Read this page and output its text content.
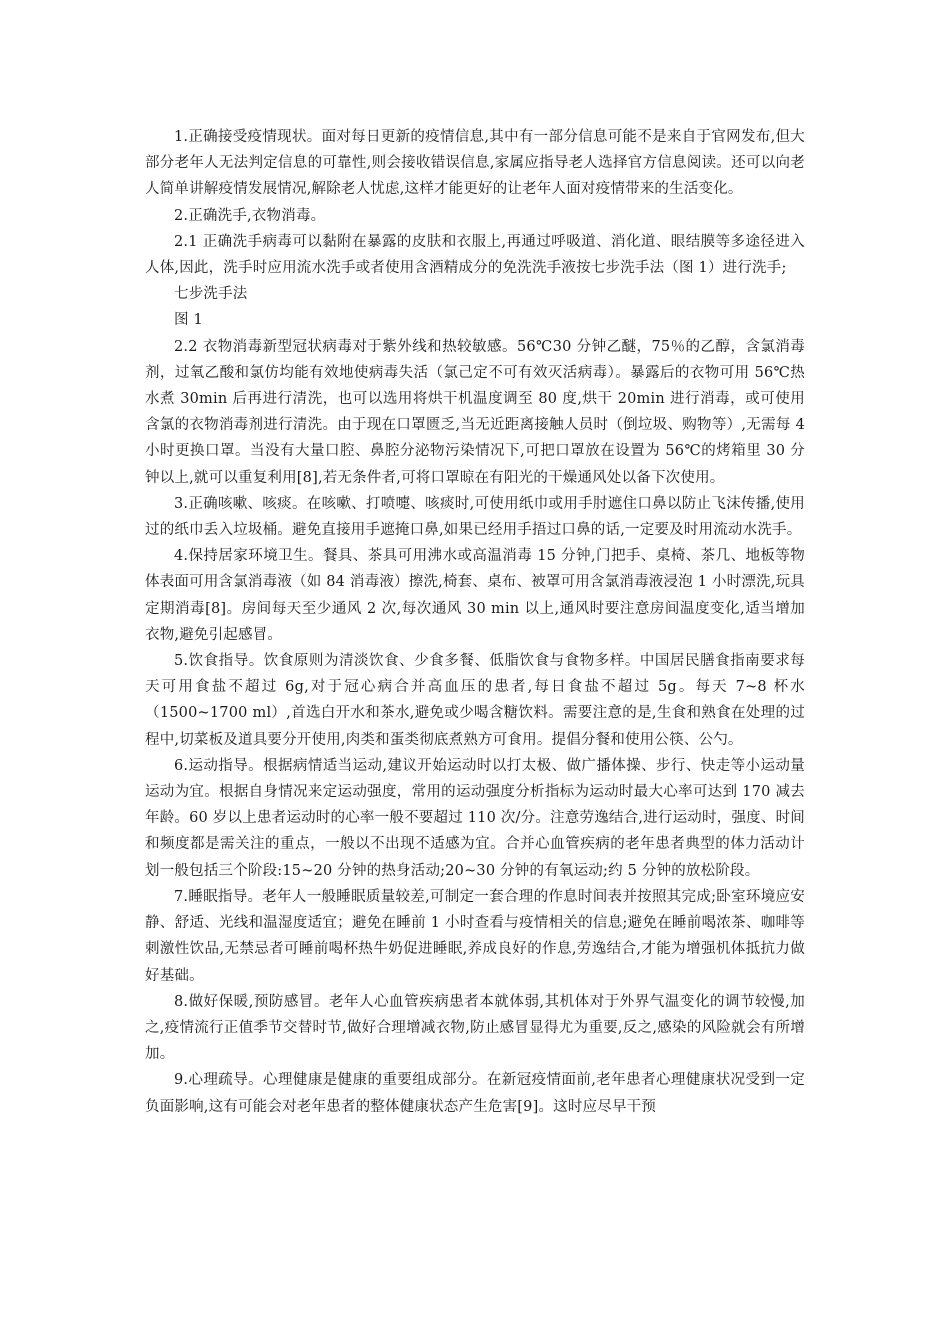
1.正确接受疫情现状。面对每日更新的疫情信息,其中有一部分信息可能不是来自于官网发布,但大部分老年人无法判定信息的可靠性,则会接收错误信息,家属应指导老人选择官方信息阅读。还可以向老人简单讲解疫情发展情况,解除老人忧虑,这样才能更好的让老年人面对疫情带来的生活变化。

2.正确洗手,衣物消毒。

2.1 正确洗手病毒可以黏附在暴露的皮肤和衣服上,再通过呼吸道、消化道、眼结膜等多途径进入人体,因此，洗手时应用流水洗手或者使用含酒精成分的免洗洗手液按七步洗手法（图 1）进行洗手;

七步洗手法

图 1

2.2 衣物消毒新型冠状病毒对于紫外线和热较敏感。56℃30 分钟乙醚，75％的乙醇，含氯消毒剂，过氧乙酸和氯仿均能有效地使病毒失活（氯己定不可有效灭活病毒）。暴露后的衣物可用 56℃热水煮 30min 后再进行清洗，也可以选用将烘干机温度调至 80 度,烘干 20min 进行消毒，或可使用含氯的衣物消毒剂进行清洗。由于现在口罩匮乏,当无近距离接触人员时（倒垃圾、购物等）,无需每 4 小时更换口罩。当没有大量口腔、鼻腔分泌物污染情况下,可把口罩放在设置为 56℃的烤箱里 30 分钟以上,就可以重复利用[8],若无条件者,可将口罩晾在有阳光的干燥通风处以备下次使用。

3.正确咳嗽、咳痰。在咳嗽、打喷嚏、咳痰时,可使用纸巾或用手肘遮住口鼻以防止飞沫传播,使用过的纸巾丢入垃圾桶。避免直接用手遮掩口鼻,如果已经用手捂过口鼻的话,一定要及时用流动水洗手。

4.保持居家环境卫生。餐具、茶具可用沸水或高温消毒 15 分钟,门把手、桌椅、茶几、地板等物体表面可用含氯消毒液（如 84 消毒液）擦洗,椅套、桌布、被罩可用含氯消毒液浸泡 1 小时漂洗,玩具定期消毒[8]。房间每天至少通风 2 次,每次通风 30 min 以上,通风时要注意房间温度变化,适当增加衣物,避免引起感冒。

5.饮食指导。饮食原则为清淡饮食、少食多餐、低脂饮食与食物多样。中国居民膳食指南要求每天可用食盐不超过 6g,对于冠心病合并高血压的患者,每日食盐不超过 5g。每天 7~8 杯水（1500~1700 ml）,首选白开水和茶水,避免或少喝含糖饮料。需要注意的是,生食和熟食在处理的过程中,切菜板及道具要分开使用,肉类和蛋类彻底煮熟方可食用。提倡分餐和使用公筷、公勺。

6.运动指导。根据病情适当运动,建议开始运动时以打太极、做广播体操、步行、快走等小运动量运动为宜。根据自身情况来定运动强度，常用的运动强度分析指标为运动时最大心率可达到 170 减去年龄。60 岁以上患者运动时的心率一般不要超过 110 次/分。注意劳逸结合,进行运动时，强度、时间和频度都是需关注的重点，一般以不出现不适感为宜。合并心血管疾病的老年患者典型的体力活动计划一般包括三个阶段:15~20 分钟的热身活动;20~30 分钟的有氧运动;约 5 分钟的放松阶段。

7.睡眠指导。老年人一般睡眠质量较差,可制定一套合理的作息时间表并按照其完成;卧室环境应安静、舒适、光线和温湿度适宜；避免在睡前 1 小时查看与疫情相关的信息;避免在睡前喝浓茶、咖啡等刺激性饮品,无禁忌者可睡前喝杯热牛奶促进睡眠,养成良好的作息,劳逸结合,才能为增强机体抵抗力做好基础。

8.做好保暖,预防感冒。老年人心血管疾病患者本就体弱,其机体对于外界气温变化的调节较慢,加之,疫情流行正值季节交替时节,做好合理增减衣物,防止感冒显得尤为重要,反之,感染的风险就会有所增加。

9.心理疏导。心理健康是健康的重要组成部分。在新冠疫情面前,老年患者心理健康状况受到一定负面影响,这有可能会对老年患者的整体健康状态产生危害[9]。这时应尽早干预
